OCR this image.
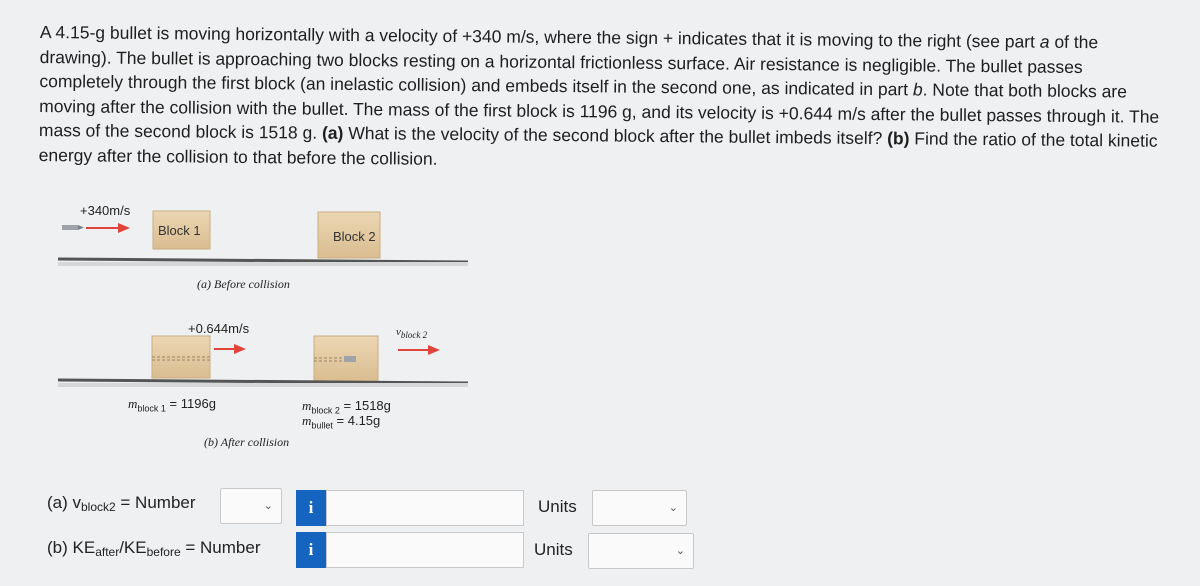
A 4.15-g bullet is moving horizontally with a velocity of +340 m/s, where the sign + indicates that it is moving to the right (see part a of the drawing). The bullet is approaching two blocks resting on a horizontal frictionless surface. Air resistance is negligible. The bullet passes completely through the first block (an inelastic collision) and embeds itself in the second one, as indicated in part b. Note that both blocks are moving after the collision with the bullet. The mass of the first block is 1196 g, and its velocity is +0.644 m/s after the bullet passes through it. The mass of the second block is 1518 g. (a) What is the velocity of the second block after the bullet imbeds itself? (b) Find the ratio of the total kinetic energy after the collision to that before the collision.
+340m/s
Block 1	Block 2
(a) Before collision
+0.644m/s	$v_{block 2}$
$m_{block 1} = 1196g$	$m_{block 2} = 1518g$
$m_{bullet} = 4.15g$
(b) After collision
(a) $v_{block2}$ = Number	⌄	i	Units	⌄
(b) $KE_{after}/KE_{before}$ = Number	i	Units	⌄
